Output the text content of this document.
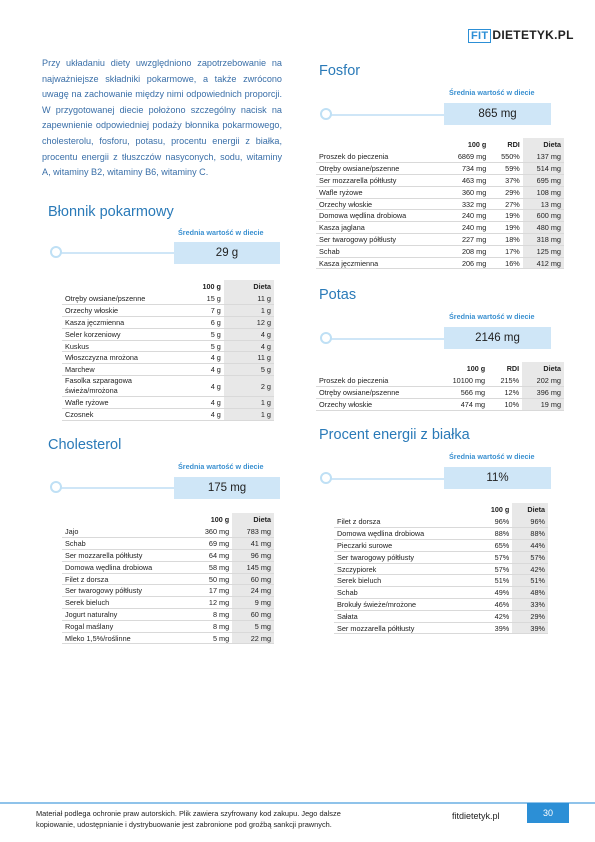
FIT DIETETYK.PL
Przy układaniu diety uwzględniono zapotrzebowanie na najważniejsze składniki pokarmowe, a także zwrócono uwagę na zachowanie między nimi odpowiednich proporcji. W przygotowanej diecie położono szczególny nacisk na zapewnienie odpowiedniej podaży błonnika pokarmowego, cholesterolu, fosforu, potasu, procentu energii z białka, procentu energii z tłuszczów nasyconych, sodu, witaminy A, witaminy B2, witaminy B6, witaminy C.
Błonnik pokarmowy
Średnia wartość w diecie
29 g
	100 g	Dieta
Otręby owsiane/pszenne	15 g	11 g
Orzechy włoskie	7 g	1 g
Kasza jęczmienna	6 g	12 g
Seler korzeniowy	5 g	4 g
Kuskus	5 g	4 g
Włoszczyzna mrożona	4 g	11 g
Marchew	4 g	5 g
Fasolka szparagowa świeża/mrożona	4 g	2 g
Wafle ryżowe	4 g	1 g
Czosnek	4 g	1 g
Cholesterol
Średnia wartość w diecie
175 mg
	100 g	Dieta
Jajo	360 mg	783 mg
Schab	69 mg	41 mg
Ser mozzarella półtłusty	64 mg	96 mg
Domowa wędlina drobiowa	58 mg	145 mg
Filet z dorsza	50 mg	60 mg
Ser twarogowy półtłusty	17 mg	24 mg
Serek bieluch	12 mg	9 mg
Jogurt naturalny	8 mg	60 mg
Rogal maślany	8 mg	5 mg
Mleko 1,5%/roślinne	5 mg	22 mg
Fosfor
Średnia wartość w diecie
865 mg
	100 g	RDI	Dieta
Proszek do pieczenia	6869 mg	550%	137 mg
Otręby owsiane/pszenne	734 mg	59%	514 mg
Ser mozzarella półtłusty	463 mg	37%	695 mg
Wafle ryżowe	360 mg	29%	108 mg
Orzechy włoskie	332 mg	27%	13 mg
Domowa wędlina drobiowa	240 mg	19%	600 mg
Kasza jaglana	240 mg	19%	480 mg
Ser twarogowy półtłusty	227 mg	18%	318 mg
Schab	208 mg	17%	125 mg
Kasza jęczmienna	206 mg	16%	412 mg
Potas
Średnia wartość w diecie
2146 mg
	100 g	RDI	Dieta
Proszek do pieczenia	10100 mg	215%	202 mg
Otręby owsiane/pszenne	566 mg	12%	396 mg
Orzechy włoskie	474 mg	10%	19 mg
Procent energii z białka
Średnia wartość w diecie
11%
	100 g	Dieta
Filet z dorsza	96%	96%
Domowa wędlina drobiowa	88%	88%
Pieczarki surowe	65%	44%
Ser twarogowy półtłusty	57%	57%
Szczypiorek	57%	42%
Serek bieluch	51%	51%
Schab	49%	48%
Brokuły świeże/mrożone	46%	33%
Sałata	42%	29%
Ser mozzarella półtłusty	39%	39%
Materiał podlega ochronie praw autorskich. Plik zawiera szyfrowany kod zakupu. Jego dalsze kopiowanie, udostępnianie i dystrybuowanie jest zabronione pod groźbą sankcji prawnych.
fitdietetyk.pl	30
